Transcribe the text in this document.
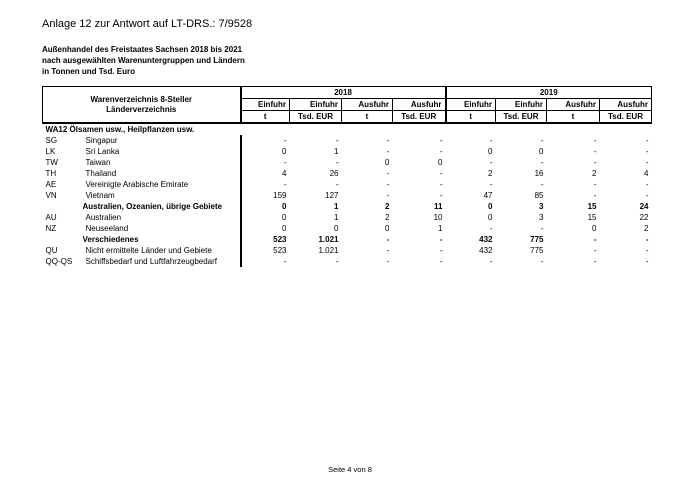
Anlage 12 zur Antwort auf LT-DRS.: 7/9528
Außenhandel des Freistaates Sachsen 2018 bis 2021
nach ausgewählten Warenuntergruppen und Ländern
in Tonnen und Tsd. Euro
Warenverzeichnis 8-Steller
Länderverzeichnis		2018				2019			
		Einfuhr	Einfuhr	Ausfuhr	Ausfuhr	Einfuhr	Einfuhr	Ausfuhr	Ausfuhr
		t	Tsd. EUR	t	Tsd. EUR	t	Tsd. EUR	t	Tsd. EUR
WA12 Ölsamen usw., Heilpflanzen usw.									
SG	Singapur	-	-	-	-	-	-	-	-
LK	Sri Lanka	0	1	-	-	0	0	-	-
TW	Taiwan	-	-	0	0	-	-	-	-
TH	Thailand	4	26	-	-	2	16	2	4
AE	Vereinigte Arabische Emirate	-	-	-	-	-	-	-	-
VN	Vietnam	159	127	-	-	47	85	-	-
	Australien, Ozeanien, übrige Gebiete	0	1	2	11	0	3	15	24
AU	Australien	0	1	2	10	0	3	15	22
NZ	Neuseeland	0	0	0	1	-	-	0	2
	Verschiedenes	523	1.021	-	-	432	775	-	-
QU	Nicht ermittelte Länder und Gebiete	523	1.021	-	-	432	775	-	-
QQ-QS	Schiffsbedarf und Luftfahrzeugbedarf	-	-	-	-	-	-	-	-
Seite 4 von 8
